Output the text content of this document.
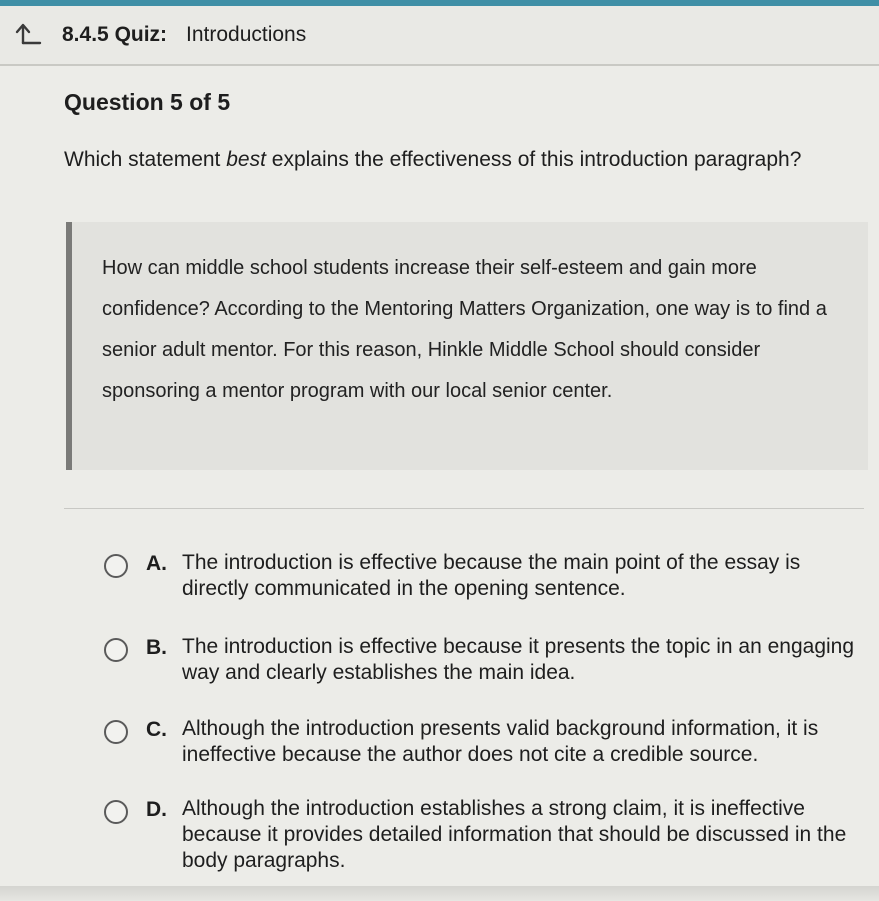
8.4.5 Quiz: Introductions
Question 5 of 5
Which statement best explains the effectiveness of this introduction paragraph?
How can middle school students increase their self-esteem and gain more confidence? According to the Mentoring Matters Organization, one way is to find a senior adult mentor. For this reason, Hinkle Middle School should consider sponsoring a mentor program with our local senior center.
A. The introduction is effective because the main point of the essay is directly communicated in the opening sentence.
B. The introduction is effective because it presents the topic in an engaging way and clearly establishes the main idea.
C. Although the introduction presents valid background information, it is ineffective because the author does not cite a credible source.
D. Although the introduction establishes a strong claim, it is ineffective because it provides detailed information that should be discussed in the body paragraphs.
